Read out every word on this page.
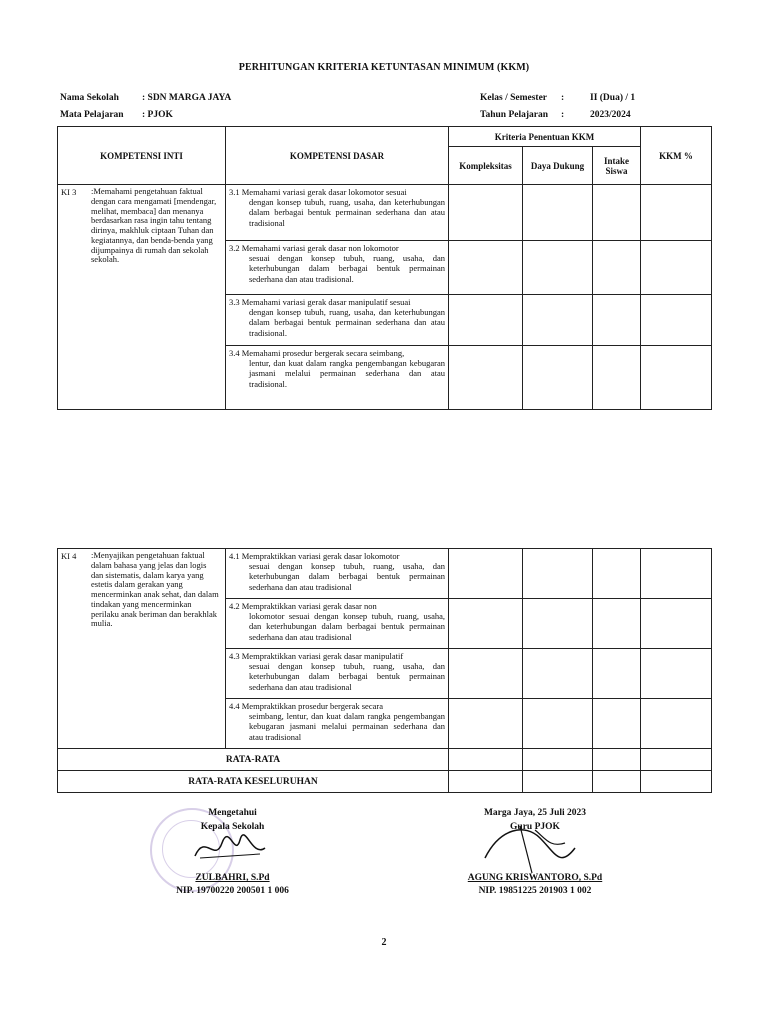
PERHITUNGAN KRITERIA KETUNTASAN MINIMUM (KKM)
Nama Sekolah : SDN MARGA JAYA
Mata Pelajaran : PJOK
Kelas / Semester :	II (Dua) / 1
Tahun Pelajaran :	2023/2024
KOMPETENSI INTI	KOMPETENSI DASAR	Kriteria Penentuan KKM			KKM %
		Kompleksitas	Daya Dukung	Intake Siswa	
KI 3 :Memahami pengetahuan faktual dengan cara mengamati [mendengar, melihat, membaca] dan menanya berdasarkan rasa ingin tahu tentang dirinya, makhluk ciptaan Tuhan dan kegiatannya, dan benda-benda yang dijumpainya di rumah dan sekolah sekolah.	3.1 Memahami variasi gerak dasar lokomotor sesuai
dengan konsep tubuh, ruang, usaha, dan keterhubungan dalam berbagai bentuk permainan sederhana dan atau tradisional				

	3.2 Memahami variasi gerak dasar non lokomotor
sesuai dengan konsep tubuh, ruang, usaha, dan keterhubungan dalam berbagai bentuk permainan sederhana dan atau tradisional.				

	3.3 Memahami variasi gerak dasar manipulatif sesuai
dengan konsep tubuh, ruang, usaha, dan keterhubungan dalam berbagai bentuk permainan sederhana dan atau tradisional.				

	3.4 Memahami prosedur bergerak secara seimbang,
lentur, dan kuat dalam rangka pengembangan kebugaran jasmani melalui permainan sederhana dan atau tradisional.				

KI 4 :Menyajikan pengetahuan faktual dalam bahasa yang jelas dan logis dan sistematis, dalam karya yang estetis dalam gerakan yang mencerminkan anak sehat, dan dalam tindakan yang mencerminkan perilaku anak beriman dan berakhlak mulia.	4.1 Mempraktikkan variasi gerak dasar lokomotor
sesuai dengan konsep tubuh, ruang, usaha, dan keterhubungan dalam berbagai bentuk permainan sederhana dan atau tradisional				

	4.2 Mempraktikkan variasi gerak dasar non
lokomotor sesuai dengan konsep tubuh, ruang, usaha, dan keterhubungan dalam berbagai bentuk permainan sederhana dan atau tradisional				

	4.3 Mempraktikkan variasi gerak dasar manipulatif
sesuai dengan konsep tubuh, ruang, usaha, dan keterhubungan dalam berbagai bentuk permainan sederhana dan atau tradisional				

	4.4 Mempraktikkan prosedur bergerak secara
seimbang, lentur, dan kuat dalam rangka pengembangan kebugaran jasmani melalui permainan sederhana dan atau tradisional				

RATA-RATA					
RATA-RATA KESELURUHAN					
Mengetahui
Kepala Sekolah
ZULBAHRI, S.Pd
NIP. 19700220 200501 1 006
Marga Jaya, 25 Juli 2023
Guru PJOK
AGUNG KRISWANTORO, S.Pd
NIP. 19851225 201903 1 002
2
